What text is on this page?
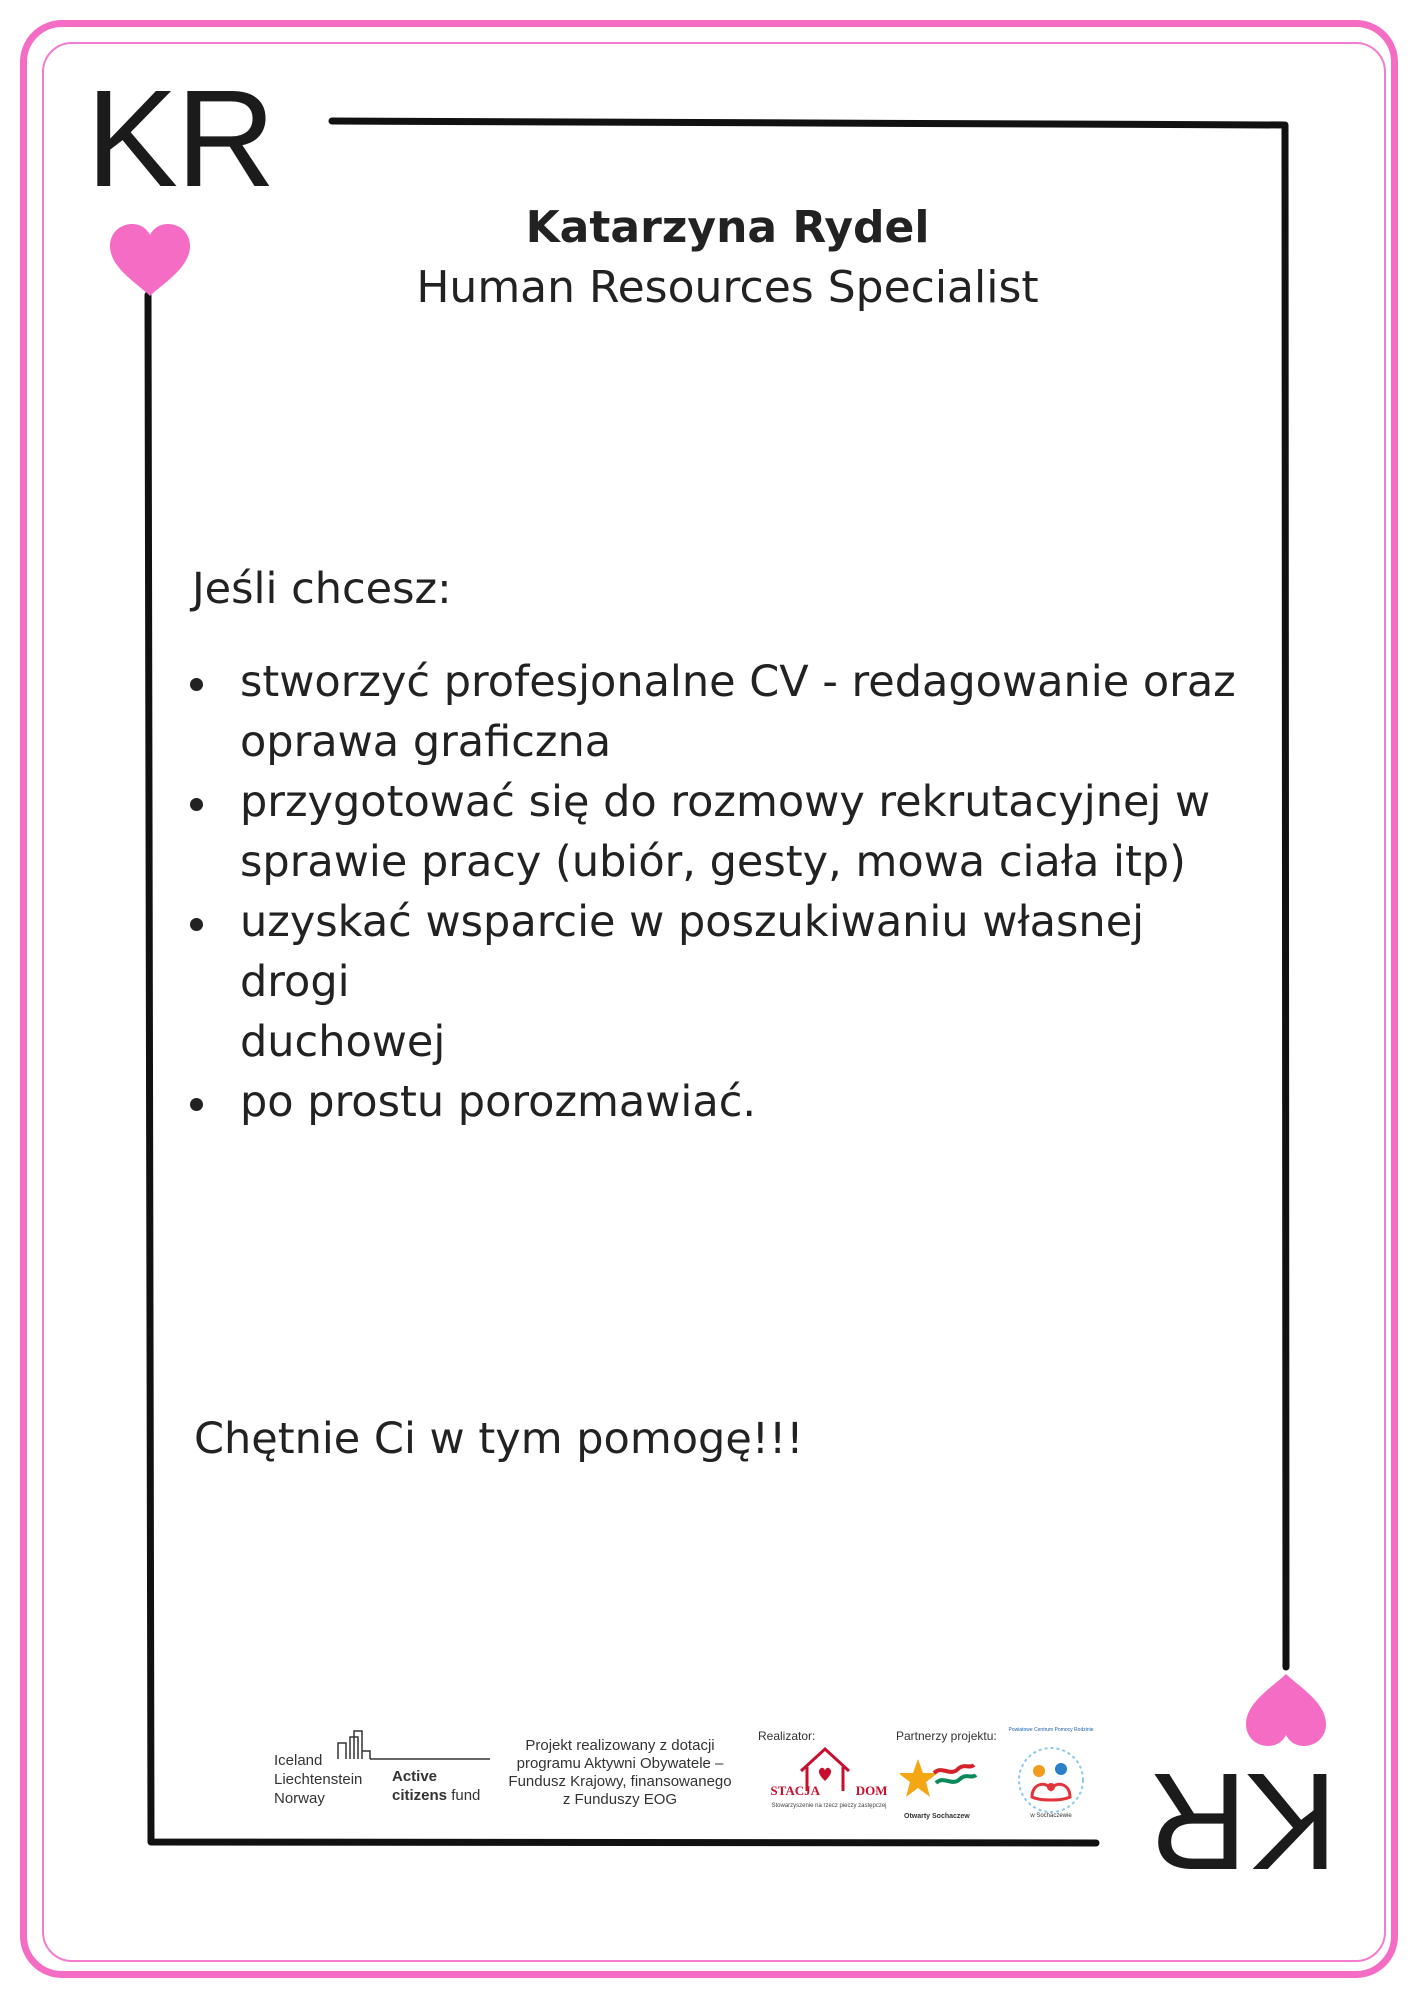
KR
KR
Katarzyna Rydel
Human Resources Specialist
Jeśli chcesz:
stworzyć profesjonalne CV - redagowanie oraz
oprawa graficzna
przygotować się do rozmowy rekrutacyjnej w
sprawie pracy (ubiór, gesty, mowa ciała itp)
uzyskać wsparcie w poszukiwaniu własnej drogi
duchowej
po prostu porozmawiać.
Chętnie Ci w tym pomogę!!!
Iceland
Liechtenstein
Norway
Active
citizens fund
Projekt realizowany z dotacji
programu Aktywni Obywatele –
Fundusz Krajowy, finansowanego
z Funduszy EOG
Realizator:
STACJA	DOM
Stowarzyszenie na rzecz pieczy zastępczej
Partnerzy projektu:
Otwarty Sochaczew
Powiatowe Centrum Pomocy Rodzinie
w Sochaczewie
